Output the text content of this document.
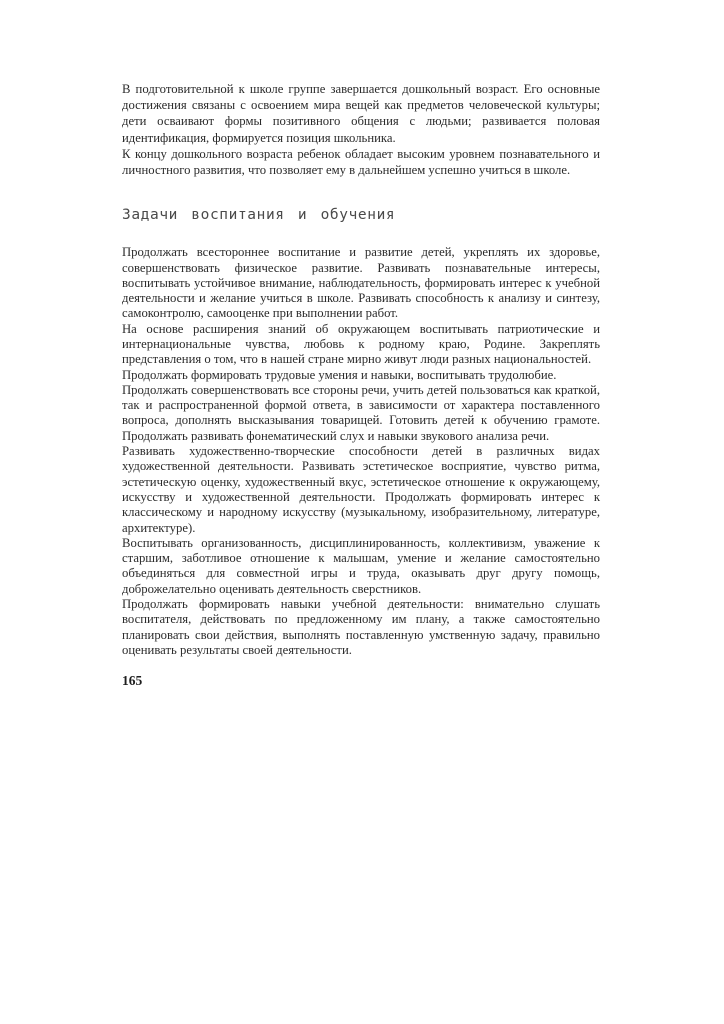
В подготовительной к школе группе завершается дошкольный возраст. Его основные достижения связаны с освоением мира вещей как предметов человеческой культуры; дети осваивают формы позитивного общения с людьми; развивается половая идентификация, формируется позиция школьника.

К концу дошкольного возраста ребенок обладает высоким уровнем познавательного и личностного развития, что позволяет ему в дальнейшем успешно учиться в школе.

Задачи воспитания и обучения

Продолжать всестороннее воспитание и развитие детей, укреплять их здоровье, совершенствовать физическое развитие. Развивать познавательные интересы, воспитывать устойчивое внимание, наблюдательность, формировать интерес к учебной деятельности и желание учиться в школе. Развивать способность к анализу и синтезу, самоконтролю, самооценке при выполнении работ.

На основе расширения знаний об окружающем воспитывать патриотические и интернациональные чувства, любовь к родному краю, Родине. Закреплять представления о том, что в нашей стране мирно живут люди разных национальностей.

Продолжать формировать трудовые умения и навыки, воспитывать трудолюбие.

Продолжать совершенствовать все стороны речи, учить детей пользоваться как краткой, так и распространенной формой ответа, в зависимости от характера поставленного вопроса, дополнять высказывания товарищей. Готовить детей к обучению грамоте. Продолжать развивать фонематический слух и навыки звукового анализа речи.

Развивать художественно-творческие способности детей в различных видах художественной деятельности. Развивать эстетическое восприятие, чувство ритма, эстетическую оценку, художественный вкус, эстетическое отношение к окружающему, искусству и художественной деятельности. Продолжать формировать интерес к классическому и народному искусству (музыкальному, изобразительному, литературе, архитектуре).

Воспитывать организованность, дисциплинированность, коллективизм, уважение к старшим, заботливое отношение к малышам, умение и желание самостоятельно объединяться для совместной игры и труда, оказывать друг другу помощь, доброжелательно оценивать деятельность сверстников.

Продолжать формировать навыки учебной деятельности: внимательно слушать воспитателя, действовать по предложенному им плану, а также самостоятельно планировать свои действия, выполнять поставленную умственную задачу, правильно оценивать результаты своей деятельности.

165
